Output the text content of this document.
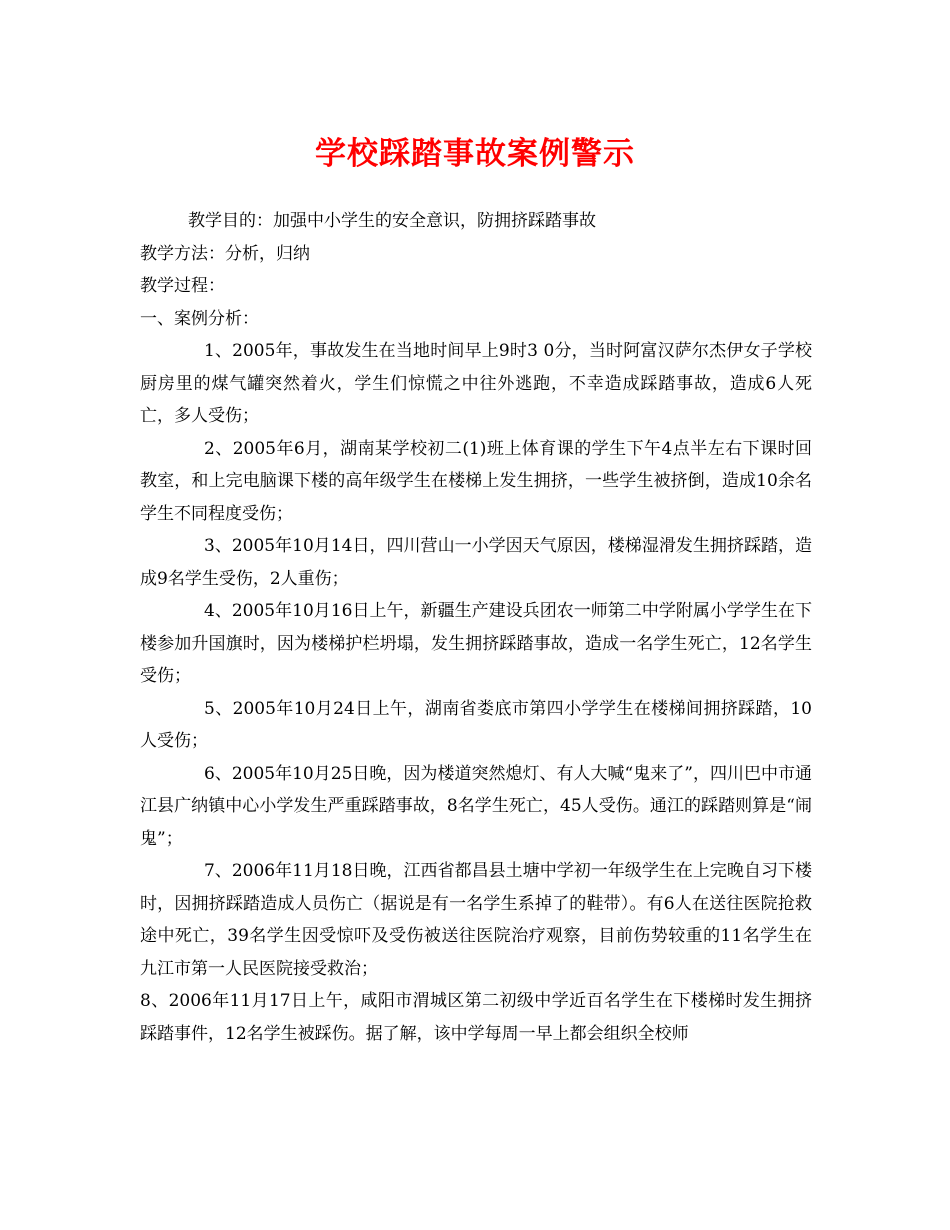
学校踩踏事故案例警示

教学目的：加强中小学生的安全意识，防拥挤踩踏事故

教学方法：分析，归纳

教学过程：

一、案例分析：

1、2005年，事故发生在当地时间早上9时3 0分，当时阿富汉萨尔杰伊女子学校厨房里的煤气罐突然着火，学生们惊慌之中往外逃跑，不幸造成踩踏事故，造成6人死亡，多人受伤；

2、2005年6月，湖南某学校初二(1)班上体育课的学生下午4点半左右下课时回教室，和上完电脑课下楼的高年级学生在楼梯上发生拥挤，一些学生被挤倒，造成10余名学生不同程度受伤；

3、2005年10月14日，四川营山一小学因天气原因，楼梯湿滑发生拥挤踩踏，造成9名学生受伤，2人重伤；

4、2005年10月16日上午，新疆生产建设兵团农一师第二中学附属小学学生在下楼参加升国旗时，因为楼梯护栏坍塌，发生拥挤踩踏事故，造成一名学生死亡，12名学生受伤；

5、2005年10月24日上午，湖南省娄底市第四小学学生在楼梯间拥挤踩踏，10人受伤；

6、2005年10月25日晚，因为楼道突然熄灯、有人大喊“鬼来了”，四川巴中市通江县广纳镇中心小学发生严重踩踏事故，8名学生死亡，45人受伤。通江的踩踏则算是“闹鬼”；

7、2006年11月18日晚，江西省都昌县土塘中学初一年级学生在上完晚自习下楼时，因拥挤踩踏造成人员伤亡（据说是有一名学生系掉了的鞋带）。有6人在送往医院抢救途中死亡，39名学生因受惊吓及受伤被送往医院治疗观察，目前伤势较重的11名学生在九江市第一人民医院接受救治；

8、2006年11月17日上午，咸阳市渭城区第二初级中学近百名学生在下楼梯时发生拥挤踩踏事件，12名学生被踩伤。据了解，该中学每周一早上都会组织全校师
